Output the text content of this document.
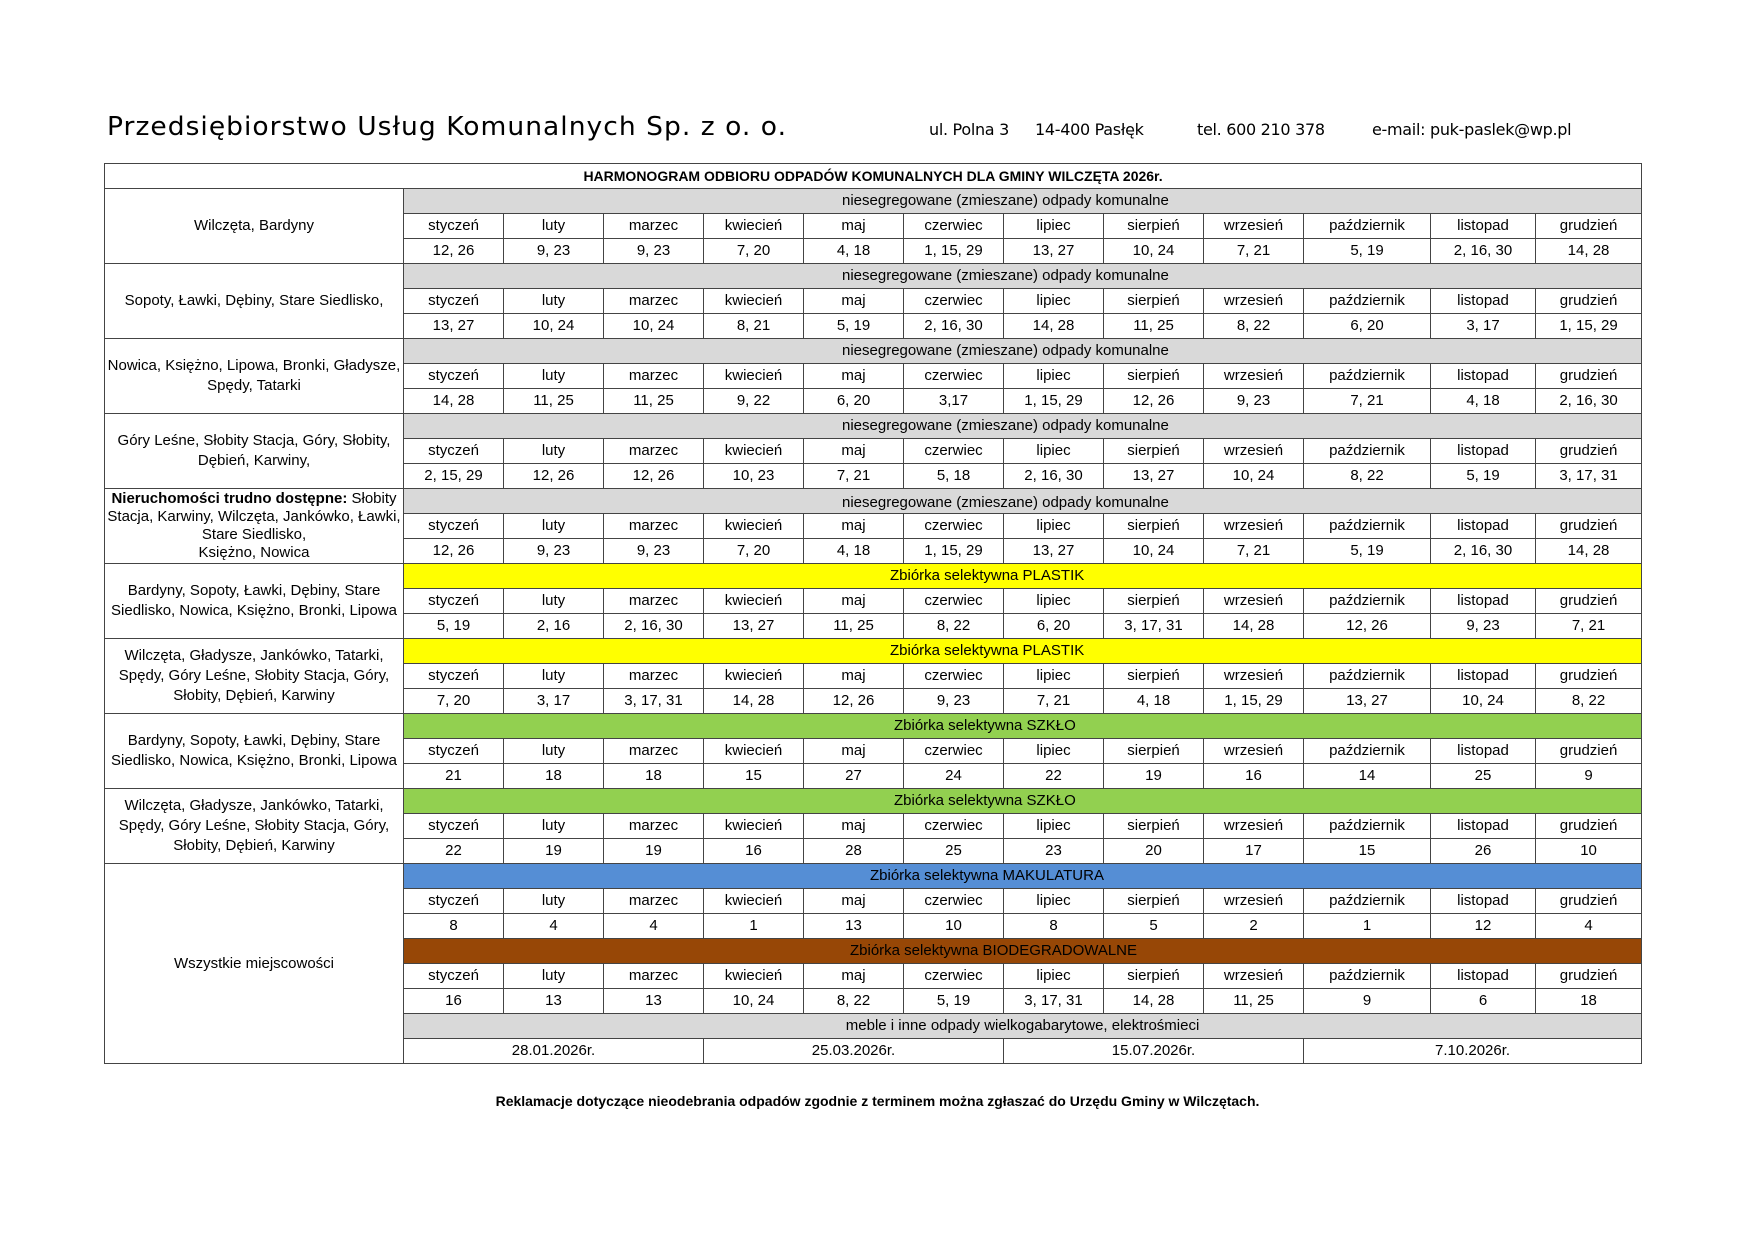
Przedsiębiorstwo Usług Komunalnych Sp. z o. o.	ul. Polna 3 14-400 Pasłęk	tel. 600 210 378	e-mail: puk-paslek@wp.pl
HARMONOGRAM ODBIORU ODPADÓW KOMUNALNYCH DLA GMINY WILCZĘTA 2026r.												
Wilczęta, Bardyny	niesegregowane (zmieszane) odpady komunalne											
	styczeń	luty	marzec	kwiecień	maj	czerwiec	lipiec	sierpień	wrzesień	październik	listopad	grudzień
	12, 26	9, 23	9, 23	7, 20	4, 18	1, 15, 29	13, 27	10, 24	7, 21	5, 19	2, 16, 30	14, 28
Sopoty, Ławki, Dębiny, Stare Siedlisko,	niesegregowane (zmieszane) odpady komunalne											
	styczeń	luty	marzec	kwiecień	maj	czerwiec	lipiec	sierpień	wrzesień	październik	listopad	grudzień
	13, 27	10, 24	10, 24	8, 21	5, 19	2, 16, 30	14, 28	11, 25	8, 22	6, 20	3, 17	1, 15, 29
Nowica, Księżno, Lipowa, Bronki, Gładysze, Spędy, Tatarki	niesegregowane (zmieszane) odpady komunalne											
	styczeń	luty	marzec	kwiecień	maj	czerwiec	lipiec	sierpień	wrzesień	październik	listopad	grudzień
	14, 28	11, 25	11, 25	9, 22	6, 20	3,17	1, 15, 29	12, 26	9, 23	7, 21	4, 18	2, 16, 30
Góry Leśne, Słobity Stacja, Góry, Słobity, Dębień, Karwiny,	niesegregowane (zmieszane) odpady komunalne											
	styczeń	luty	marzec	kwiecień	maj	czerwiec	lipiec	sierpień	wrzesień	październik	listopad	grudzień
	2, 15, 29	12, 26	12, 26	10, 23	7, 21	5, 18	2, 16, 30	13, 27	10, 24	8, 22	5, 19	3, 17, 31
Nieruchomości trudno dostępne: Słobity Stacja, Karwiny, Wilczęta, Jankówko, Ławki, Stare Siedlisko,
Księżno, Nowica	niesegregowane (zmieszane) odpady komunalne											
	styczeń	luty	marzec	kwiecień	maj	czerwiec	lipiec	sierpień	wrzesień	październik	listopad	grudzień
	12, 26	9, 23	9, 23	7, 20	4, 18	1, 15, 29	13, 27	10, 24	7, 21	5, 19	2, 16, 30	14, 28
Bardyny, Sopoty, Ławki, Dębiny, Stare Siedlisko, Nowica, Księżno, Bronki, Lipowa	Zbiórka selektywna PLASTIK											
	styczeń	luty	marzec	kwiecień	maj	czerwiec	lipiec	sierpień	wrzesień	październik	listopad	grudzień
	5, 19	2, 16	2, 16, 30	13, 27	11, 25	8, 22	6, 20	3, 17, 31	14, 28	12, 26	9, 23	7, 21
Wilczęta, Gładysze, Jankówko, Tatarki, Spędy, Góry Leśne, Słobity Stacja, Góry, Słobity, Dębień, Karwiny	Zbiórka selektywna PLASTIK											
	styczeń	luty	marzec	kwiecień	maj	czerwiec	lipiec	sierpień	wrzesień	październik	listopad	grudzień
	7, 20	3, 17	3, 17, 31	14, 28	12, 26	9, 23	7, 21	4, 18	1, 15, 29	13, 27	10, 24	8, 22
Bardyny, Sopoty, Ławki, Dębiny, Stare Siedlisko, Nowica, Księżno, Bronki, Lipowa	Zbiórka selektywna SZKŁO											
	styczeń	luty	marzec	kwiecień	maj	czerwiec	lipiec	sierpień	wrzesień	październik	listopad	grudzień
	21	18	18	15	27	24	22	19	16	14	25	9
Wilczęta, Gładysze, Jankówko, Tatarki, Spędy, Góry Leśne, Słobity Stacja, Góry, Słobity, Dębień, Karwiny	Zbiórka selektywna SZKŁO											
	styczeń	luty	marzec	kwiecień	maj	czerwiec	lipiec	sierpień	wrzesień	październik	listopad	grudzień
	22	19	19	16	28	25	23	20	17	15	26	10
Wszystkie miejscowości	Zbiórka selektywna MAKULATURA											
	styczeń	luty	marzec	kwiecień	maj	czerwiec	lipiec	sierpień	wrzesień	październik	listopad	grudzień
	8	4	4	1	13	10	8	5	2	1	12	4
	Zbiórka selektywna BIODEGRADOWALNE											
	styczeń	luty	marzec	kwiecień	maj	czerwiec	lipiec	sierpień	wrzesień	październik	listopad	grudzień
	16	13	13	10, 24	8, 22	5, 19	3, 17, 31	14, 28	11, 25	9	6	18
	meble i inne odpady wielkogabarytowe, elektrośmieci											
	28.01.2026r.			25.03.2026r.			15.07.2026r.			7.10.2026r.		
Reklamacje dotyczące nieodebrania odpadów zgodnie z terminem można zgłaszać do Urzędu Gminy w Wilczętach.
